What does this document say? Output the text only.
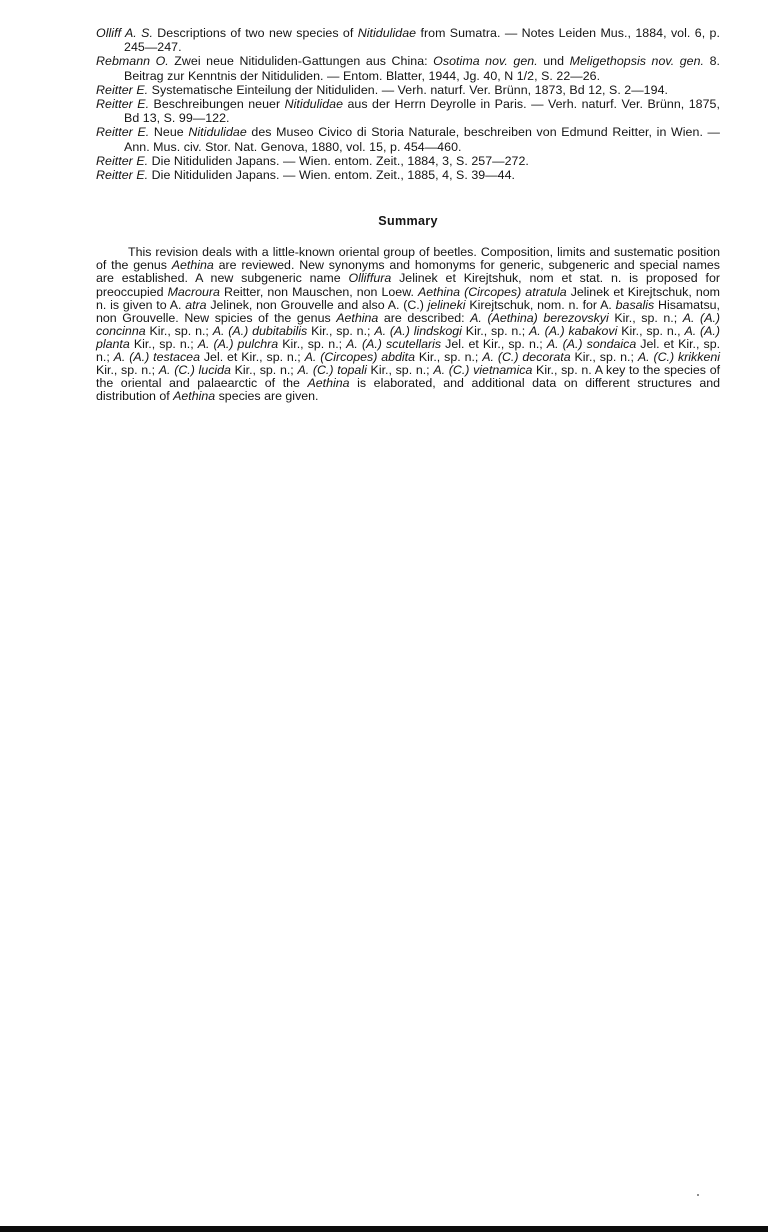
Olliff A. S. Descriptions of two new species of Nitidulidae from Sumatra. — Notes Leiden Mus., 1884, vol. 6, p. 245—247.

Rebmann O. Zwei neue Nitiduliden-Gattungen aus China: Osotima nov. gen. und Meligethopsis nov. gen. 8. Beitrag zur Kenntnis der Nitiduliden. — Entom. Blatter, 1944, Jg. 40, N 1/2, S. 22—26.

Reitter E. Systematische Einteilung der Nitiduliden. — Verh. naturf. Ver. Brünn, 1873, Bd 12, S. 2—194.

Reitter E. Beschreibungen neuer Nitidulidae aus der Herrn Deyrolle in Paris. — Verh. naturf. Ver. Brünn, 1875, Bd 13, S. 99—122.

Reitter E. Neue Nitidulidae des Museo Civico di Storia Naturale, beschreiben von Edmund Reitter, in Wien. — Ann. Mus. civ. Stor. Nat. Genova, 1880, vol. 15, p. 454—460.

Reitter E. Die Nitiduliden Japans. — Wien. entom. Zeit., 1884, 3, S. 257—272.

Reitter E. Die Nitiduliden Japans. — Wien. entom. Zeit., 1885, 4, S. 39—44.

Summary

This revision deals with a little-known oriental group of beetles. Composition, limits and sustematic position of the genus Aethina are reviewed. New synonyms and homonyms for generic, subgeneric and special names are established. A new subgeneric name Olliffura Jelinek et Kirejtshuk, nom et stat. n. is proposed for preoccupied Macroura Reitter, non Mauschen, non Loew. Aethina (Circopes) atratula Jelinek et Kirejtschuk, nom n. is given to A. atra Jelinek, non Grouvelle and also A. (C.) jelineki Kirejtschuk, nom. n. for A. basalis Hisamatsu, non Grouvelle. New spicies of the genus Aethina are described: A. (Aethina) berezovskyi Kir., sp. n.; A. (A.) concinna Kir., sp. n.; A. (A.) dubitabilis Kir., sp. n.; A. (A.) lindskogi Kir., sp. n.; A. (A.) kabakovi Kir., sp. n., A. (A.) planta Kir., sp. n.; A. (A.) pulchra Kir., sp. n.; A. (A.) scutellaris Jel. et Kir., sp. n.; A. (A.) sondaica Jel. et Kir., sp. n.; A. (A.) testacea Jel. et Kir., sp. n.; A. (Circopes) abdita Kir., sp. n.; A. (C.) decorata Kir., sp. n.; A. (C.) krikkeni Kir., sp. n.; A. (C.) lucida Kir., sp. n.; A. (C.) topali Kir., sp. n.; A. (C.) vietnamica Kir., sp. n. A key to the species of the oriental and palaearctic of the Aethina is elaborated, and additional data on different structures and distribution of Aethina species are given.
